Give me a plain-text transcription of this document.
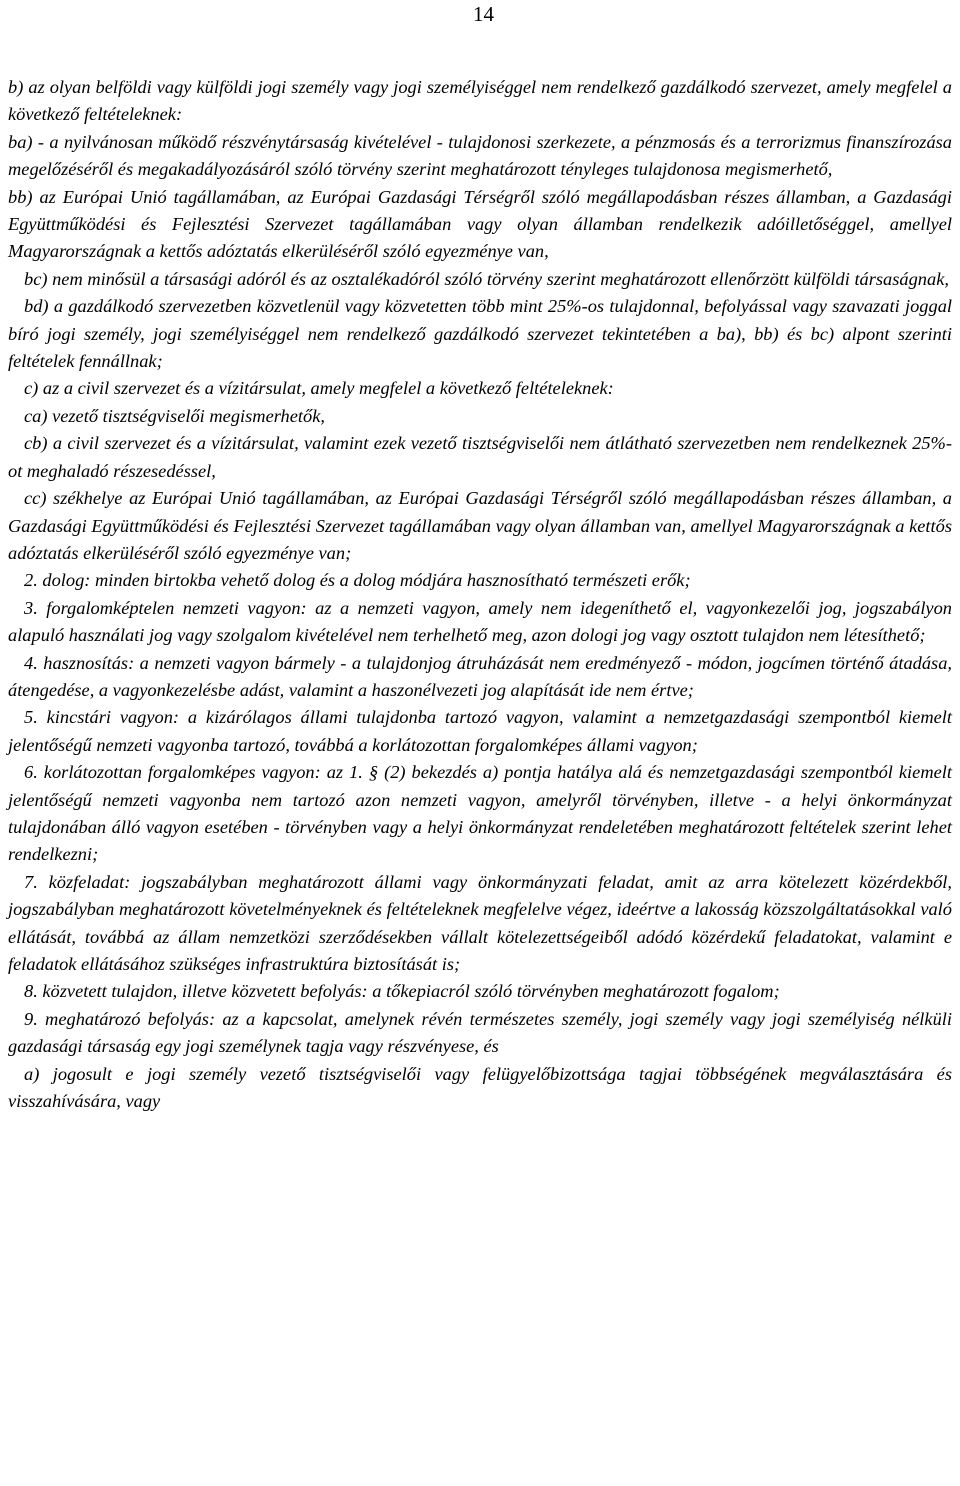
14

b) az olyan belföldi vagy külföldi jogi személy vagy jogi személyiséggel nem rendelkező gazdálkodó szervezet, amely megfelel a következő feltételeknek:

ba) - a nyilvánosan működő részvénytársaság kivételével - tulajdonosi szerkezete, a pénzmosás és a terrorizmus finanszírozása megelőzéséről és megakadályozásáról szóló törvény szerint meghatározott tényleges tulajdonosa megismerhető,

bb) az Európai Unió tagállamában, az Európai Gazdasági Térségről szóló megállapodásban részes államban, a Gazdasági Együttműködési és Fejlesztési Szervezet tagállamában vagy olyan államban rendelkezik adóilletőséggel, amellyel Magyarországnak a kettős adóztatás elkerüléséről szóló egyezménye van,

bc) nem minősül a társasági adóról és az osztalékadóról szóló törvény szerint meghatározott ellenőrzött külföldi társaságnak,

bd) a gazdálkodó szervezetben közvetlenül vagy közvetetten több mint 25%-os tulajdonnal, befolyással vagy szavazati joggal bíró jogi személy, jogi személyiséggel nem rendelkező gazdálkodó szervezet tekintetében a ba), bb) és bc) alpont szerinti feltételek fennállnak;

c) az a civil szervezet és a vízitársulat, amely megfelel a következő feltételeknek:

ca) vezető tisztségviselői megismerhetők,

cb) a civil szervezet és a vízitársulat, valamint ezek vezető tisztségviselői nem átlátható szervezetben nem rendelkeznek 25%-ot meghaladó részesedéssel,

cc) székhelye az Európai Unió tagállamában, az Európai Gazdasági Térségről szóló megállapodásban részes államban, a Gazdasági Együttműködési és Fejlesztési Szervezet tagállamában vagy olyan államban van, amellyel Magyarországnak a kettős adóztatás elkerüléséről szóló egyezménye van;

2. dolog: minden birtokba vehető dolog és a dolog módjára hasznosítható természeti erők;

3. forgalomképtelen nemzeti vagyon: az a nemzeti vagyon, amely nem idegeníthető el, vagyonkezelői jog, jogszabályon alapuló használati jog vagy szolgalom kivételével nem terhelhető meg, azon dologi jog vagy osztott tulajdon nem létesíthető;

4. hasznosítás: a nemzeti vagyon bármely - a tulajdonjog átruházását nem eredményező - módon, jogcímen történő átadása, átengedése, a vagyonkezelésbe adást, valamint a haszonélvezeti jog alapítását ide nem értve;

5. kincstári vagyon: a kizárólagos állami tulajdonba tartozó vagyon, valamint a nemzetgazdasági szempontból kiemelt jelentőségű nemzeti vagyonba tartozó, továbbá a korlátozottan forgalomképes állami vagyon;

6. korlátozottan forgalomképes vagyon: az 1. § (2) bekezdés a) pontja hatálya alá és nemzetgazdasági szempontból kiemelt jelentőségű nemzeti vagyonba nem tartozó azon nemzeti vagyon, amelyről törvényben, illetve - a helyi önkormányzat tulajdonában álló vagyon esetében - törvényben vagy a helyi önkormányzat rendeletében meghatározott feltételek szerint lehet rendelkezni;

7. közfeladat: jogszabályban meghatározott állami vagy önkormányzati feladat, amit az arra kötelezett közérdekből, jogszabályban meghatározott követelményeknek és feltételeknek megfelelve végez, ideértve a lakosság közszolgáltatásokkal való ellátását, továbbá az állam nemzetközi szerződésekben vállalt kötelezettségeiből adódó közérdekű feladatokat, valamint e feladatok ellátásához szükséges infrastruktúra biztosítását is;

8. közvetett tulajdon, illetve közvetett befolyás: a tőkepiacról szóló törvényben meghatározott fogalom;

9. meghatározó befolyás: az a kapcsolat, amelynek révén természetes személy, jogi személy vagy jogi személyiség nélküli gazdasági társaság egy jogi személynek tagja vagy részvényese, és

a) jogosult e jogi személy vezető tisztségviselői vagy felügyelőbizottsága tagjai többségének megválasztására és visszahívására, vagy
